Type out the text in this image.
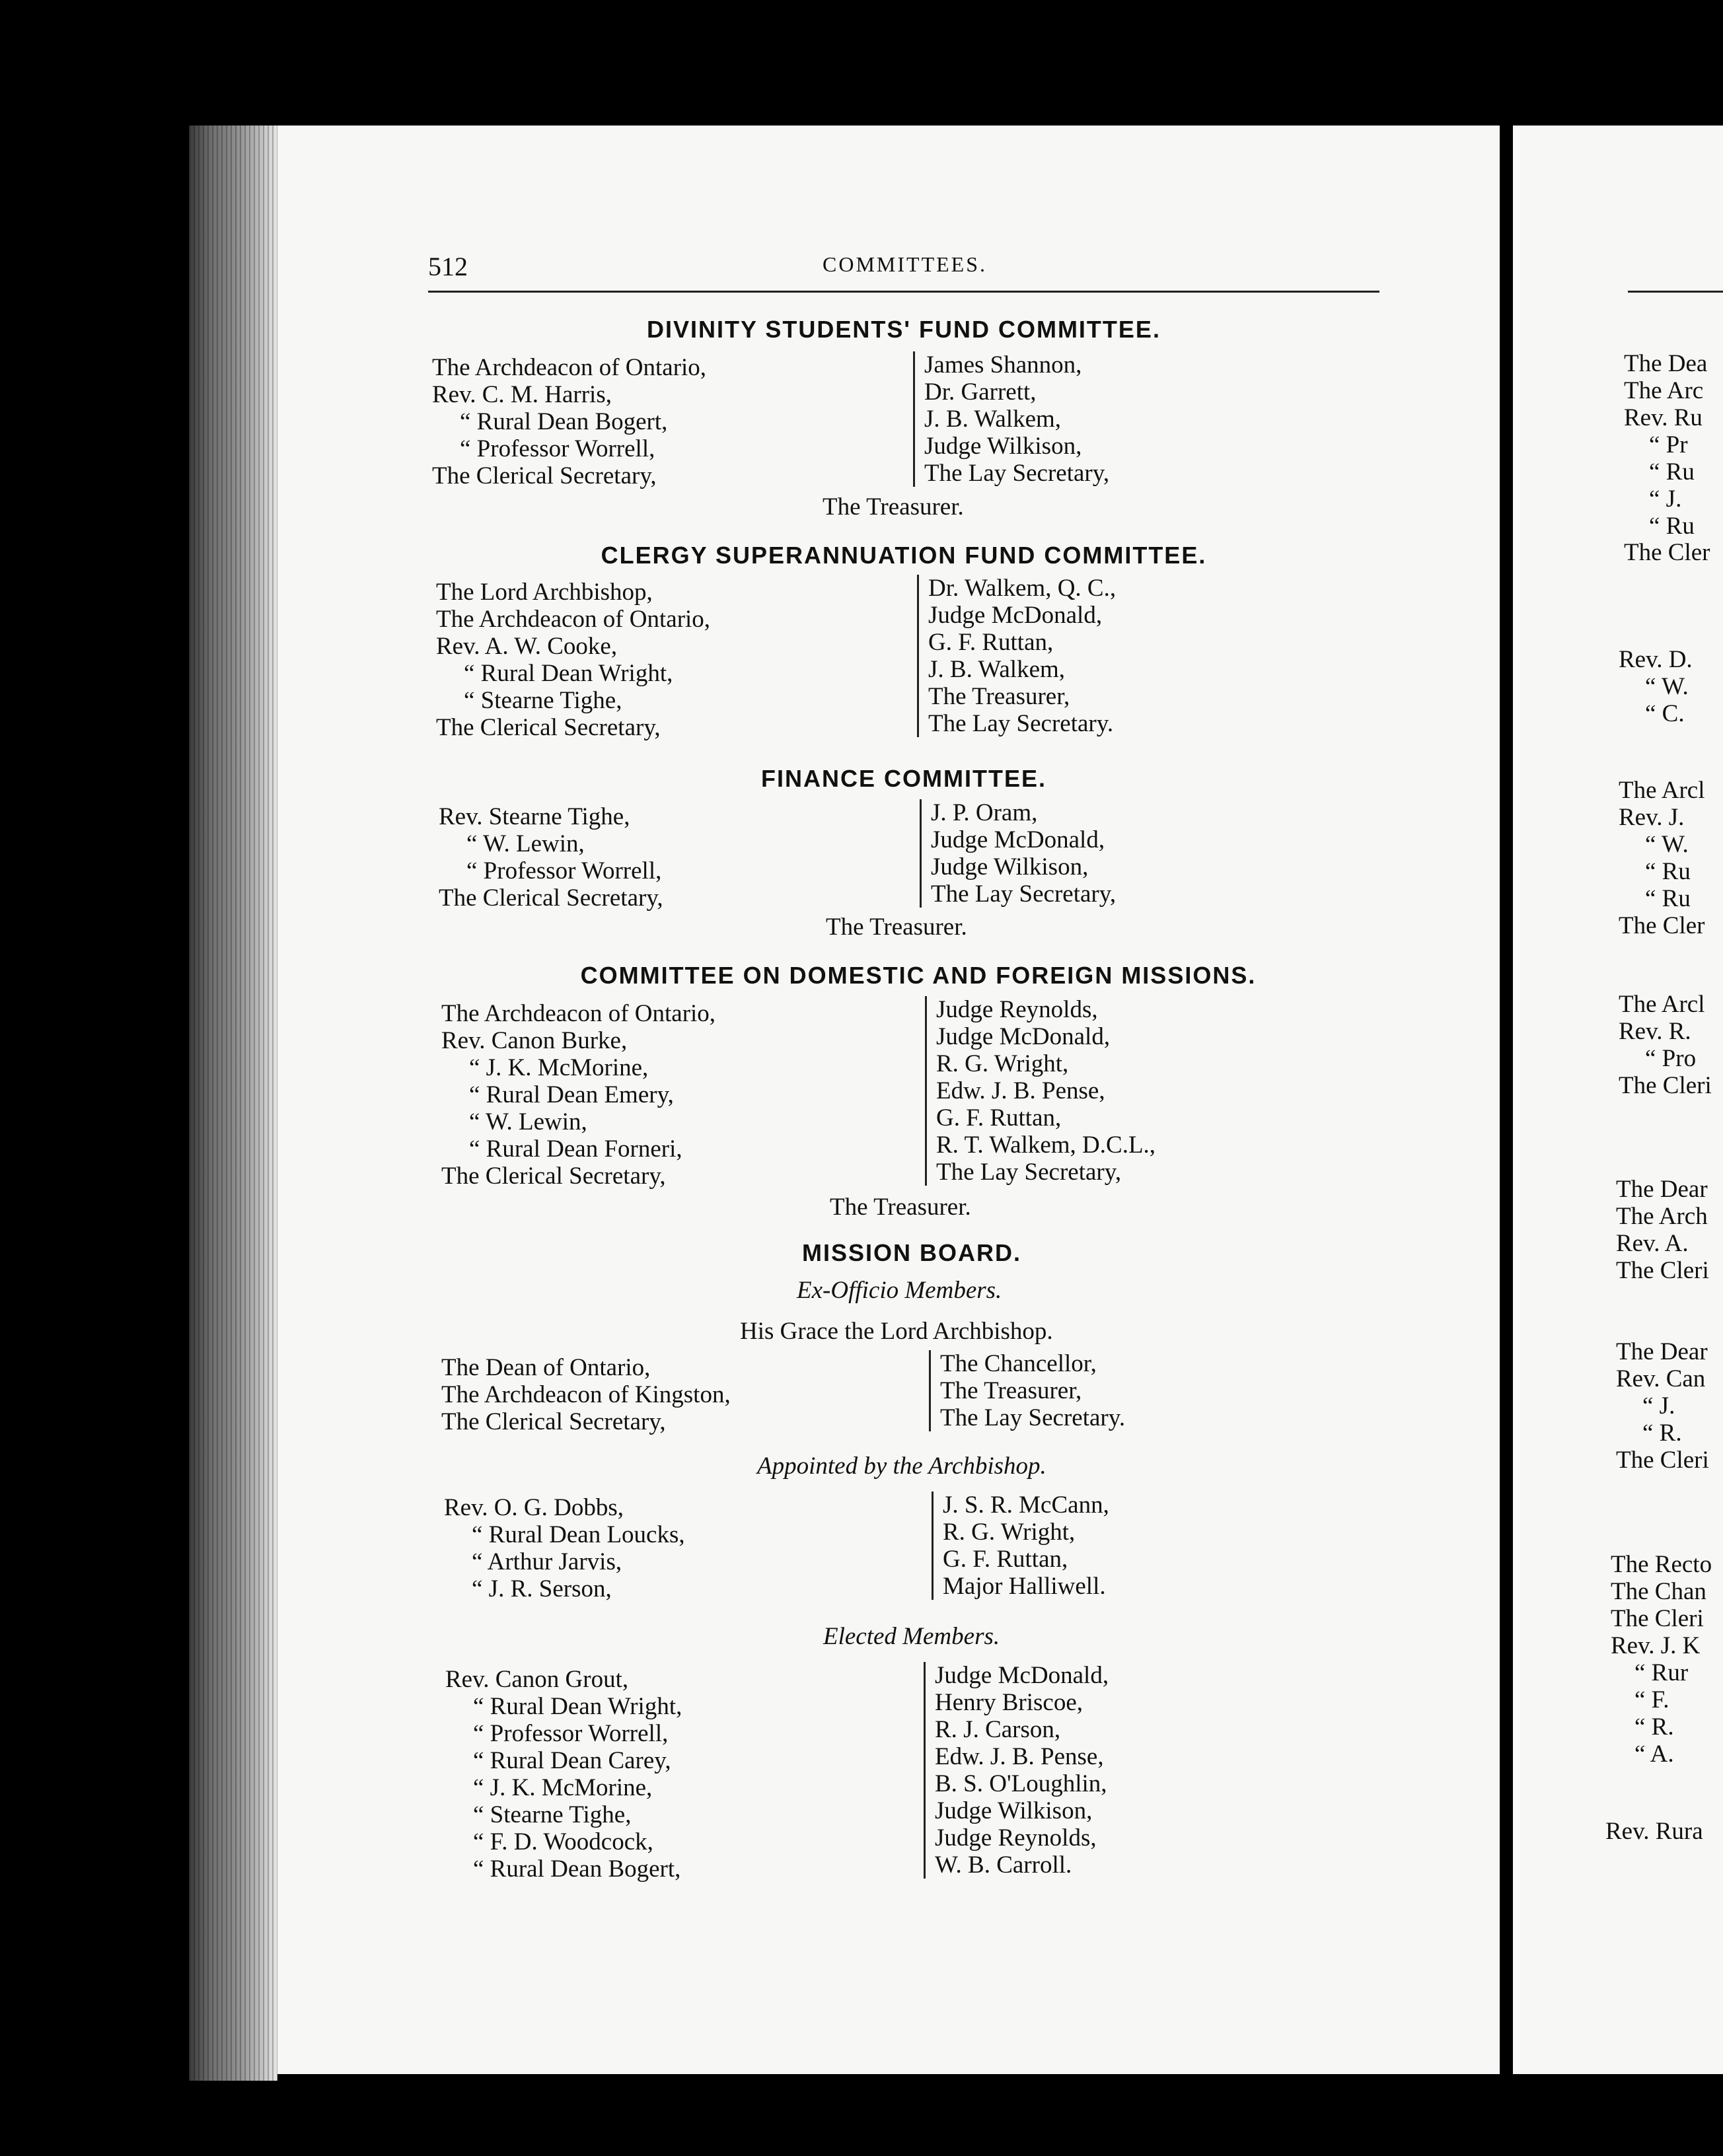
512	COMMITTEES.
DIVINITY STUDENTS' FUND COMMITTEE.
The Archdeacon of Ontario,
Rev. C. M. Harris,
“ Rural Dean Bogert,
“ Professor Worrell,
The Clerical Secretary,
James Shannon,
Dr. Garrett,
J. B. Walkem,
Judge Wilkison,
The Lay Secretary,
The Treasurer.
CLERGY SUPERANNUATION FUND COMMITTEE.
The Lord Archbishop,
The Archdeacon of Ontario,
Rev. A. W. Cooke,
“ Rural Dean Wright,
“ Stearne Tighe,
The Clerical Secretary,
Dr. Walkem, Q. C.,
Judge McDonald,
G. F. Ruttan,
J. B. Walkem,
The Treasurer,
The Lay Secretary.
FINANCE COMMITTEE.
Rev. Stearne Tighe,
“ W. Lewin,
“ Professor Worrell,
The Clerical Secretary,
J. P. Oram,
Judge McDonald,
Judge Wilkison,
The Lay Secretary,
The Treasurer.
COMMITTEE ON DOMESTIC AND FOREIGN MISSIONS.
The Archdeacon of Ontario,
Rev. Canon Burke,
“ J. K. McMorine,
“ Rural Dean Emery,
“ W. Lewin,
“ Rural Dean Forneri,
The Clerical Secretary,
Judge Reynolds,
Judge McDonald,
R. G. Wright,
Edw. J. B. Pense,
G. F. Ruttan,
R. T. Walkem, D.C.L.,
The Lay Secretary,
The Treasurer.
MISSION BOARD.
Ex-Officio Members.
His Grace the Lord Archbishop.
The Dean of Ontario,
The Archdeacon of Kingston,
The Clerical Secretary,
The Chancellor,
The Treasurer,
The Lay Secretary.
Appointed by the Archbishop.
Rev. O. G. Dobbs,
“ Rural Dean Loucks,
“ Arthur Jarvis,
“ J. R. Serson,
J. S. R. McCann,
R. G. Wright,
G. F. Ruttan,
Major Halliwell.
Elected Members.
Rev. Canon Grout,
“ Rural Dean Wright,
“ Professor Worrell,
“ Rural Dean Carey,
“ J. K. McMorine,
“ Stearne Tighe,
“ F. D. Woodcock,
“ Rural Dean Bogert,
Judge McDonald,
Henry Briscoe,
R. J. Carson,
Edw. J. B. Pense,
B. S. O'Loughlin,
Judge Wilkison,
Judge Reynolds,
W. B. Carroll.
The Dea
The Arc
Rev. Ru
“ Pr
“ Ru
“ J.
“ Ru
The Cler
Rev. D.
“ W.
“ C.
The Arcl
Rev. J.
“ W.
“ Ru
“ Ru
The Cler
The Arcl
Rev. R.
“ Pro
The Cleri
The Dear
The Arch
Rev. A.
The Cleri
The Dear
Rev. Can
“ J.
“ R.
The Cleri
The Recto
The Chan
The Cleri
Rev. J. K
“ Rur
“ F.
“ R.
“ A.
Rev. Rura
